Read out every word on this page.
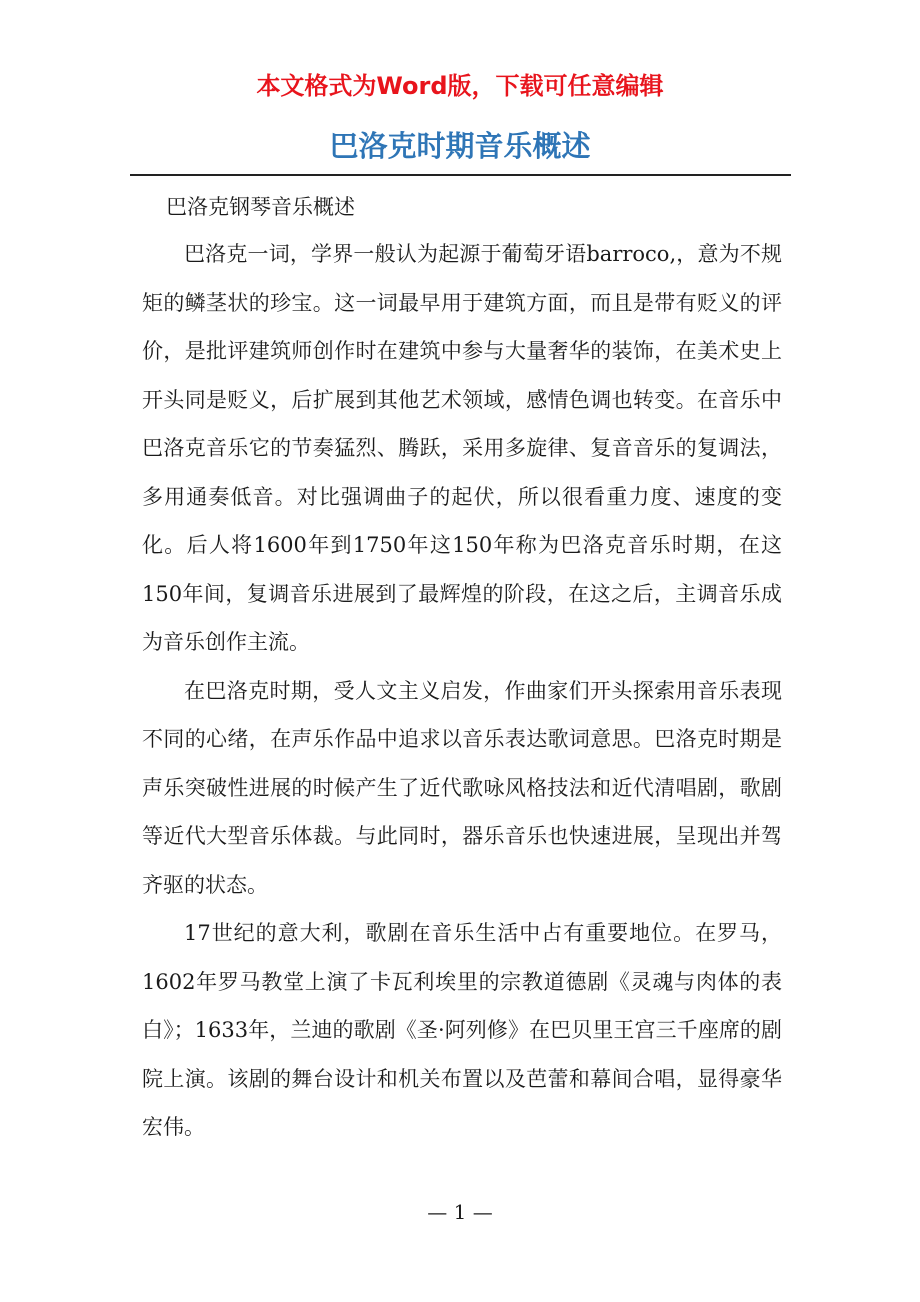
本文格式为Word版，下载可任意编辑
巴洛克时期音乐概述
巴洛克钢琴音乐概述

巴洛克一词，学界一般认为起源于葡萄牙语barroco,，意为不规矩的鳞茎状的珍宝。这一词最早用于建筑方面，而且是带有贬义的评价，是批评建筑师创作时在建筑中参与大量奢华的装饰，在美术史上开头同是贬义，后扩展到其他艺术领域，感情色调也转变。在音乐中巴洛克音乐它的节奏猛烈、腾跃，采用多旋律、复音音乐的复调法，多用通奏低音。对比强调曲子的起伏，所以很看重力度、速度的变化。后人将1600年到1750年这150年称为巴洛克音乐时期，在这150年间，复调音乐进展到了最辉煌的阶段，在这之后，主调音乐成为音乐创作主流。

在巴洛克时期，受人文主义启发，作曲家们开头探索用音乐表现不同的心绪，在声乐作品中追求以音乐表达歌词意思。巴洛克时期是声乐突破性进展的时候产生了近代歌咏风格技法和近代清唱剧，歌剧等近代大型音乐体裁。与此同时，器乐音乐也快速进展，呈现出并驾齐驱的状态。

17世纪的意大利，歌剧在音乐生活中占有重要地位。在罗马，1602年罗马教堂上演了卡瓦利埃里的宗教道德剧《灵魂与肉体的表白》；1633年，兰迪的歌剧《圣·阿列修》在巴贝里王宫三千座席的剧院上演。该剧的舞台设计和机关布置以及芭蕾和幕间合唱，显得豪华宏伟。

— 1 —
